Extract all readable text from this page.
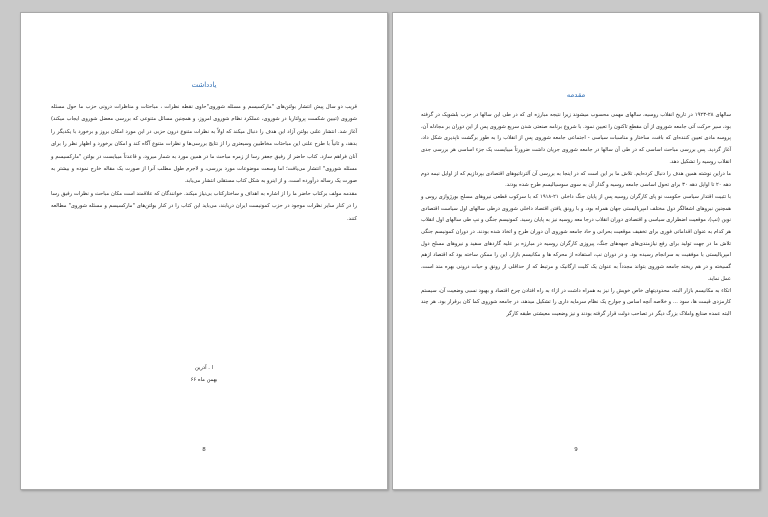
یادداشت

قریب دو سال پیش انتشار بولتن‌های "مارکسیسم و مسئله شوروی"حاوی نقطه نظرات ، مباحثات و مناظرات درونی حزب ما حول مسئله شوروی (تبیین شکست پرولتاریا در شوروی، عملکرد نظام شوروی امروز، و همچنین مسائل متنوعی که بررسی معضل شوروی ایجاب میکند) آغاز شد. انتشار علنی بولتن آزاد این هدف را دنبال میکند که اولاً به نظرات متنوع درون حزبی در این مورد امکان بروز و برخورد با یکدیگر را بدهد، و ثانیاً با طرح علنی این مباحثات مخاطبین وسیعتری را از نتایج بررسی‌ها و نظرات متنوع آگاه کند و امکان برخورد و اظهار نظر را برای آنان فراهم سازد. کتاب حاضر از رفیق جعفر رسا از زمره مباحث ما در همین مورد به شمار میرود، و قاعدتاً میبایست در بولتن "مارکسیسم و مسئله شوروی" انتشار می‌یافت؛ اما وسعت موضوعات مورد بررسی، و لاجرم طول مطلب آنرا از صورت یک مقاله خارج نموده و بیشتر به صورت یک رساله درآورده است، و از اینرو به شکل کتاب مستقلی انتشار می‌یابد.

مقدمه مولف برکتاب حاضر ما را از اشاره به اهداف و ساختارکتاب بی‌نیاز میکند. خوانندگان که علاقمند است مکان مباحث و نظرات رفیق رسا را در کنار سایر نظرات موجود در حزب کمونیست ایران دریابند، می‌باید این کتاب را در کنار بولتن‌های "مارکسیسم و مسئله شوروی" مطالعه کنند.

ا . آذرین
بهمن ماه ۶۶
8
مقدمه

سالهای ۲۸-۱۹۲۳ در تاریخ انقلاب روسیه، سالهای مهمی محسوب میشوند زیرا نتیجه مبارزه ای که در طی این سالها در حزب بلشویک در گرفته بود، سیر حرکت آتی جامعه شوروی از آن مقطع تاکنون را تعیین نمود. با شروع برنامه صنعتی شدن سریع شوروی پس از این دوران بر مجادله آن، پروسه مادی تعیین کننده‌ای که بافت، ساختار و مناسبات سیاسی - اجتماعی جامعه شوروی پس از انقلاب را به طور برگشت ناپذیری شکل داد، آغاز گردید. پس بررسی مباحث اساسی که در طی آن سالها در جامعه شوروی جریان داشت ضرورتاً میبایست یک جزء اساسی هر بررسی جدی انقلاب روسیه را تشکیل دهد.

ما دراین نوشته همین هدف را دنبال کرده‌ایم. تلاش ما بر این است که در اینجا به بررسی آن آلترناتیوهای اقتصادی بپردازیم که از اوایل نیمه دوم دهه ۲۰ تا اوایل دهه ۳۰ برای تحول اساسی جامعه روسیه و گذار آن به سوی سوسیالیسم طرح شده بودند.

با تثبیت اقتدار سیاسی حکومت نو پای کارگران روسیه پس از پایان جنگ داخلی ۲۱-۱۹۱۸ که با سرکوب قطعی نیروهای مسلح بورژوازی روس و همچنین نیروهای اشغالگر دول مختلف امپریالیستی جهان همراه بود، و با رونق یافتن اقتصاد داخلی شوروی درطی سالهای اول سیاست اقتصادی نوین (نپ)، موقعیت اضطراری سیاسی و اقتصادی دوران انقلاب درجا معه روسیه نیز به پایان رسید. کمونیسم جنگی و نپ طی سالهای اول انقلاب هر کدام به عنوان اقداماتی فوری برای تخفیف موقعیت بحرانی و حاد جامعه شوروی آن دوران طرح و اتخاذ شده بودند. در دوران کمونیسم جنگی تلاش ما در جهت تولید برای رفع نیازمندی‌های جبهه‌های جنگ، پیروزی کارگران روسیه در مبارزه بر علیه گاردهای سفید و نیروهای مسلح دول امپریالیستی با موفقیت به سرانجام رسیده بود. و در دوران نپ، استفاده از محرکه ها و مکانیسم بازار، این را ممکن ساخته بود که اقتصاد ازهم گسیخته و در هم ریخته جامعه شوروی بتواند مجدداً به عنوان یک کلیت ارگانیک و مرتبط که از حداقلی از رونق و حیات درونی بهره مند است، عمل نماید.

اتکاء به مکانیسم بازار البته، محدودیتهای خاص خویش را نیز به همراه داشت در ازاء به راه افتادن چرخ اقتصاد و بهبود نسبی وضعیت آن، سیستم کارمزدی قیمت ها، سود ... و خلاصه آنچه اساس و جوارح یک نظام سرمایه داری را تشکیل میدهد، در جامعه شوروی کما کان برقرار بود. هر چند البته عمده صنایع واملاک بزرگ دیگر در تصاحب دولت قرار گرفته بودند و نیز وضعیت معیشتی طبقه کارگر

9
